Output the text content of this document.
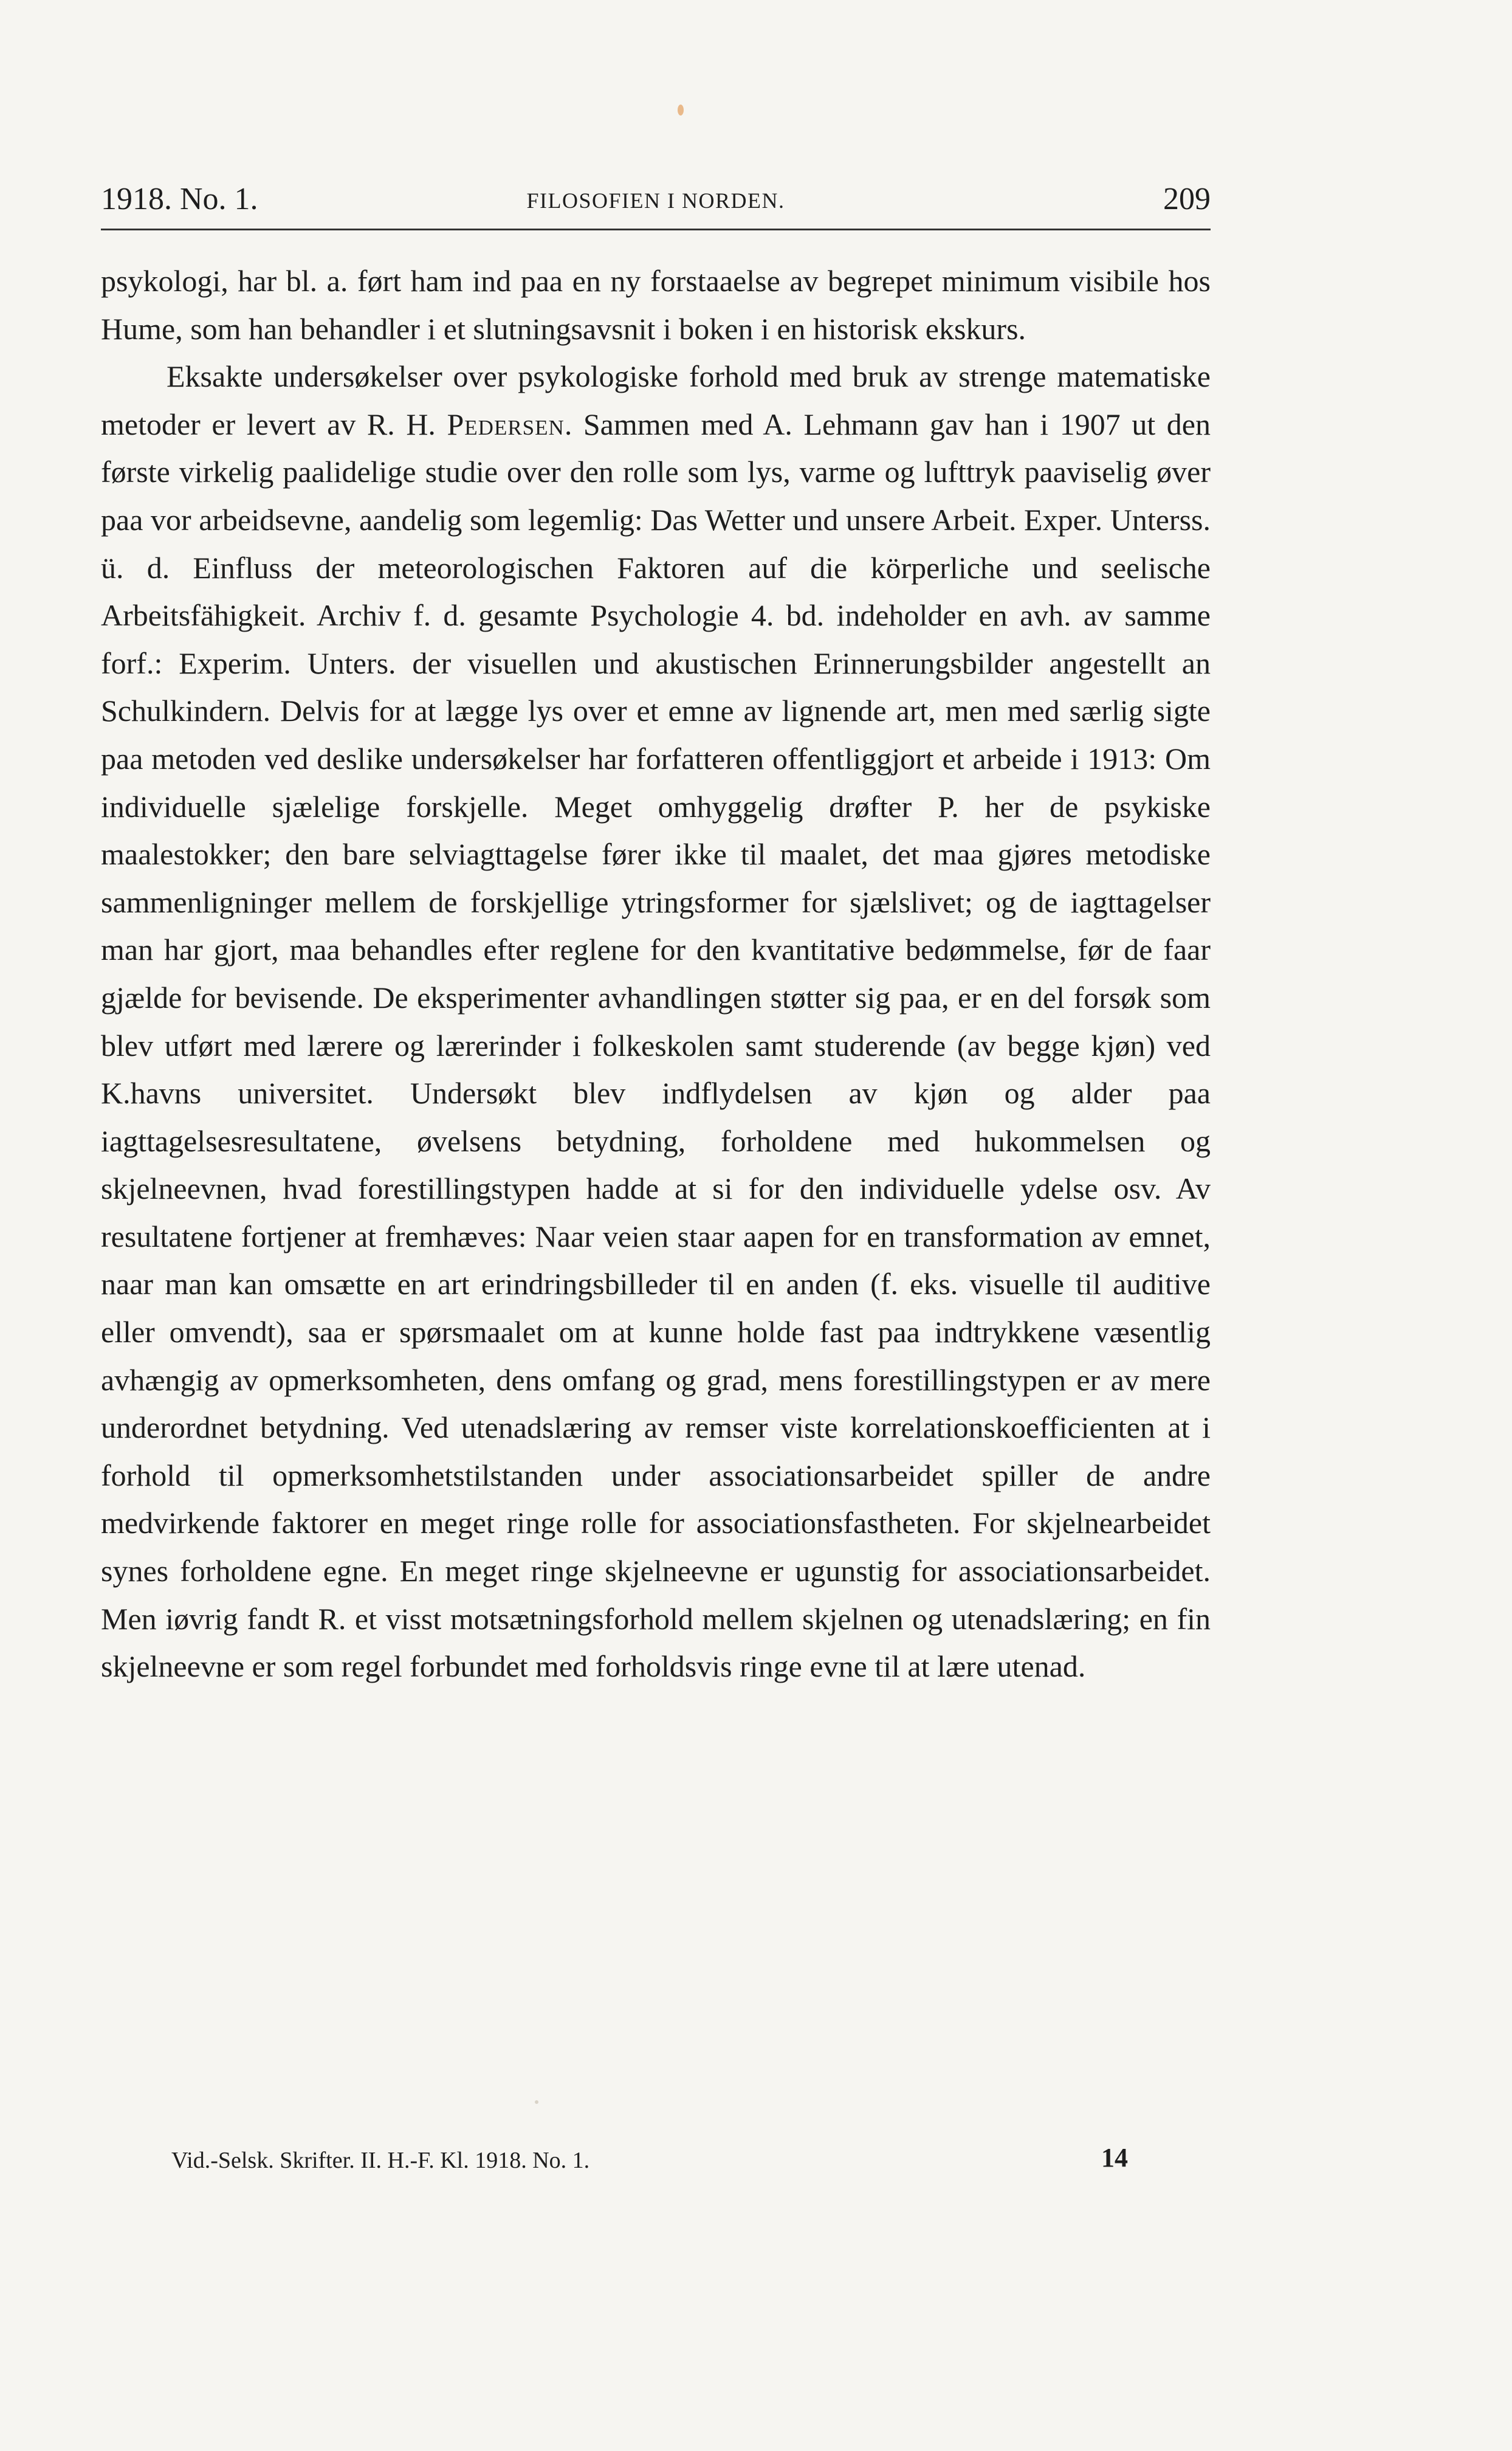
1918. No. 1.	FILOSOFIEN I NORDEN.	209

psykologi, har bl. a. ført ham ind paa en ny forstaaelse av begrepet minimum visibile hos Hume, som han behandler i et slutningsavsnit i boken i en historisk ekskurs.

Eksakte undersøkelser over psykologiske forhold med bruk av strenge matematiske metoder er levert av R. H. Pedersen. Sammen med A. Lehmann gav han i 1907 ut den første virkelig paalidelige studie over den rolle som lys, varme og lufttryk paaviselig øver paa vor arbeidsevne, aandelig som legemlig: Das Wetter und unsere Arbeit. Exper. Unterss. ü. d. Einfluss der meteorologischen Faktoren auf die körperliche und seelische Arbeitsfähigkeit. Archiv f. d. gesamte Psychologie 4. bd. indeholder en avh. av samme forf.: Experim. Unters. der visuellen und akustischen Erinnerungsbilder angestellt an Schulkindern. Delvis for at lægge lys over et emne av lignende art, men med særlig sigte paa metoden ved deslike undersøkelser har forfatteren offentliggjort et arbeide i 1913: Om individuelle sjælelige forskjelle. Meget omhyggelig drøfter P. her de psykiske maalestokker; den bare selviagttagelse fører ikke til maalet, det maa gjøres metodiske sammenligninger mellem de forskjellige ytringsformer for sjælslivet; og de iagttagelser man har gjort, maa behandles efter reglene for den kvantitative bedømmelse, før de faar gjælde for bevisende. De eksperimenter avhandlingen støtter sig paa, er en del forsøk som blev utført med lærere og lærerinder i folkeskolen samt studerende (av begge kjøn) ved K.havns universitet. Undersøkt blev indflydelsen av kjøn og alder paa iagttagelsesresultatene, øvelsens betydning, forholdene med hukommelsen og skjelneevnen, hvad forestillingstypen hadde at si for den individuelle ydelse osv. Av resultatene fortjener at fremhæves: Naar veien staar aapen for en transformation av emnet, naar man kan omsætte en art erindringsbilleder til en anden (f. eks. visuelle til auditive eller omvendt), saa er spørsmaalet om at kunne holde fast paa indtrykkene væsentlig avhængig av opmerksomheten, dens omfang og grad, mens forestillingstypen er av mere underordnet betydning. Ved utenadslæring av remser viste korrelationskoefficienten at i forhold til opmerksomhetstilstanden under associationsarbeidet spiller de andre medvirkende faktorer en meget ringe rolle for associationsfastheten. For skjelnearbeidet synes forholdene egne. En meget ringe skjelneevne er ugunstig for associationsarbeidet. Men iøvrig fandt R. et visst motsætningsforhold mellem skjelnen og utenadslæring; en fin skjelneevne er som regel forbundet med forholdsvis ringe evne til at lære utenad.

Vid.-Selsk. Skrifter. II. H.-F. Kl. 1918. No. 1.	14
